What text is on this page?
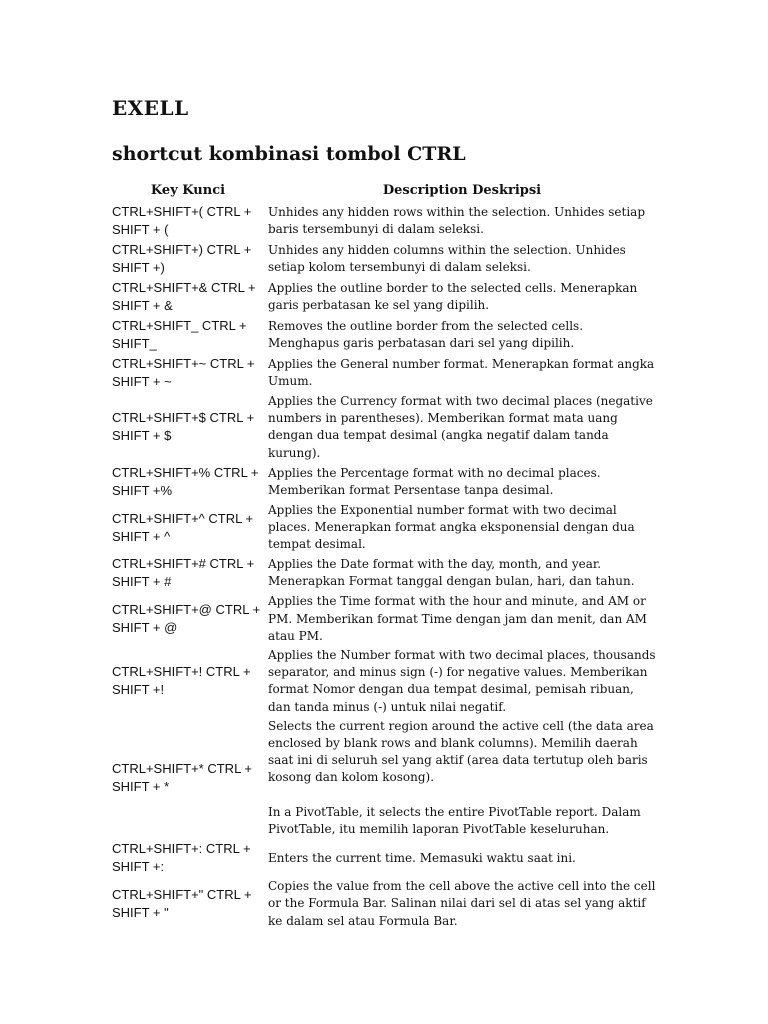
EXELL
shortcut kombinasi tombol CTRL
Key Kunci	Description Deskripsi
CTRL+SHIFT+( CTRL + SHIFT + (	Unhides any hidden rows within the selection. Unhides setiap baris tersembunyi di dalam seleksi.
CTRL+SHIFT+) CTRL + SHIFT +)	Unhides any hidden columns within the selection. Unhides setiap kolom tersembunyi di dalam seleksi.
CTRL+SHIFT+& CTRL + SHIFT + &	Applies the outline border to the selected cells. Menerapkan garis perbatasan ke sel yang dipilih.
CTRL+SHIFT_ CTRL + SHIFT_	Removes the outline border from the selected cells. Menghapus garis perbatasan dari sel yang dipilih.
CTRL+SHIFT+~ CTRL + SHIFT + ~	Applies the General number format. Menerapkan format angka Umum.
CTRL+SHIFT+$ CTRL + SHIFT + $	Applies the Currency format with two decimal places (negative numbers in parentheses). Memberikan format mata uang dengan dua tempat desimal (angka negatif dalam tanda kurung).
CTRL+SHIFT+% CTRL + SHIFT +%	Applies the Percentage format with no decimal places. Memberikan format Persentase tanpa desimal.
CTRL+SHIFT+^ CTRL + SHIFT + ^	Applies the Exponential number format with two decimal places. Menerapkan format angka eksponensial dengan dua tempat desimal.
CTRL+SHIFT+# CTRL + SHIFT + #	Applies the Date format with the day, month, and year. Menerapkan Format tanggal dengan bulan, hari, dan tahun.
CTRL+SHIFT+@ CTRL + SHIFT + @	Applies the Time format with the hour and minute, and AM or PM. Memberikan format Time dengan jam dan menit, dan AM atau PM.
CTRL+SHIFT+! CTRL + SHIFT +!	Applies the Number format with two decimal places, thousands separator, and minus sign (-) for negative values. Memberikan format Nomor dengan dua tempat desimal, pemisah ribuan, dan tanda minus (-) untuk nilai negatif.
CTRL+SHIFT+* CTRL + SHIFT + *	Selects the current region around the active cell (the data area enclosed by blank rows and blank columns). Memilih daerah saat ini di seluruh sel yang aktif (area data tertutup oleh baris kosong dan kolom kosong).

In a PivotTable, it selects the entire PivotTable report. Dalam PivotTable, itu memilih laporan PivotTable keseluruhan.

CTRL+SHIFT+: CTRL + SHIFT +:	Enters the current time. Memasuki waktu saat ini.
CTRL+SHIFT+" CTRL + SHIFT + "	Copies the value from the cell above the active cell into the cell or the Formula Bar. Salinan nilai dari sel di atas sel yang aktif ke dalam sel atau Formula Bar.
